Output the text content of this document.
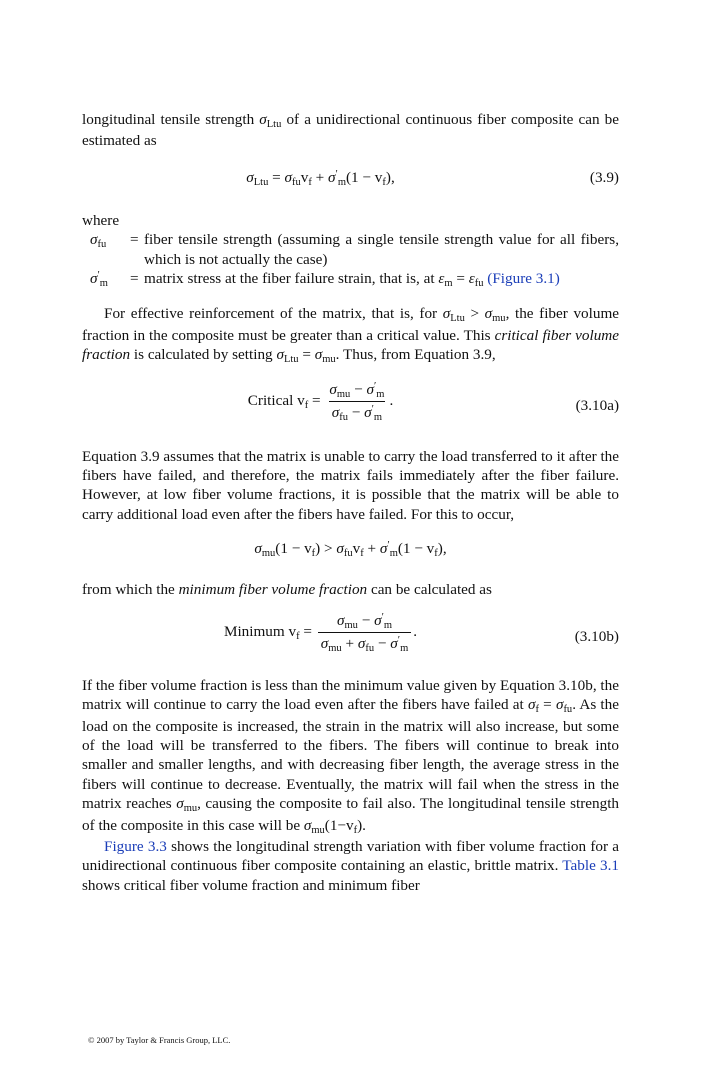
longitudinal tensile strength σLtu of a unidirectional continuous fiber composite can be estimated as

σLtu = σfuvf + σ′m(1 − vf),	(3.9)

where

σfu	= fiber tensile strength (assuming a single tensile strength value for all fibers, which is not actually the case)
σ′m	= matrix stress at the fiber failure strain, that is, at εm = εfu (Figure 3.1)

For effective reinforcement of the matrix, that is, for σLtu > σmu, the fiber volume fraction in the composite must be greater than a critical value. This critical fiber volume fraction is calculated by setting σLtu = σmu. Thus, from Equation 3.9,

Critical vf = $\frac{\sigma mu - \sigma'm}{\sigma fu - \sigma'm}$ .	(3.10a)

Equation 3.9 assumes that the matrix is unable to carry the load transferred to it after the fibers have failed, and therefore, the matrix fails immediately after the fiber failure. However, at low fiber volume fractions, it is possible that the matrix will be able to carry additional load even after the fibers have failed. For this to occur,

σmu(1 − vf) > σfuvf + σ′m(1 − vf),

from which the minimum fiber volume fraction can be calculated as

Minimum vf = $\frac{\sigma mu - \sigma'm}{\sigma mu + \sigma fu - \sigma'm}$ .	(3.10b)

If the fiber volume fraction is less than the minimum value given by Equation 3.10b, the matrix will continue to carry the load even after the fibers have failed at σf = σfu. As the load on the composite is increased, the strain in the matrix will also increase, but some of the load will be transferred to the fibers. The fibers will continue to break into smaller and smaller lengths, and with decreasing fiber length, the average stress in the fibers will continue to decrease. Eventually, the matrix will fail when the stress in the matrix reaches σmu, causing the composite to fail also. The longitudinal tensile strength of the composite in this case will be σmu(1−vf).

Figure 3.3 shows the longitudinal strength variation with fiber volume fraction for a unidirectional continuous fiber composite containing an elastic, brittle matrix. Table 3.1 shows critical fiber volume fraction and minimum fiber

© 2007 by Taylor & Francis Group, LLC.
